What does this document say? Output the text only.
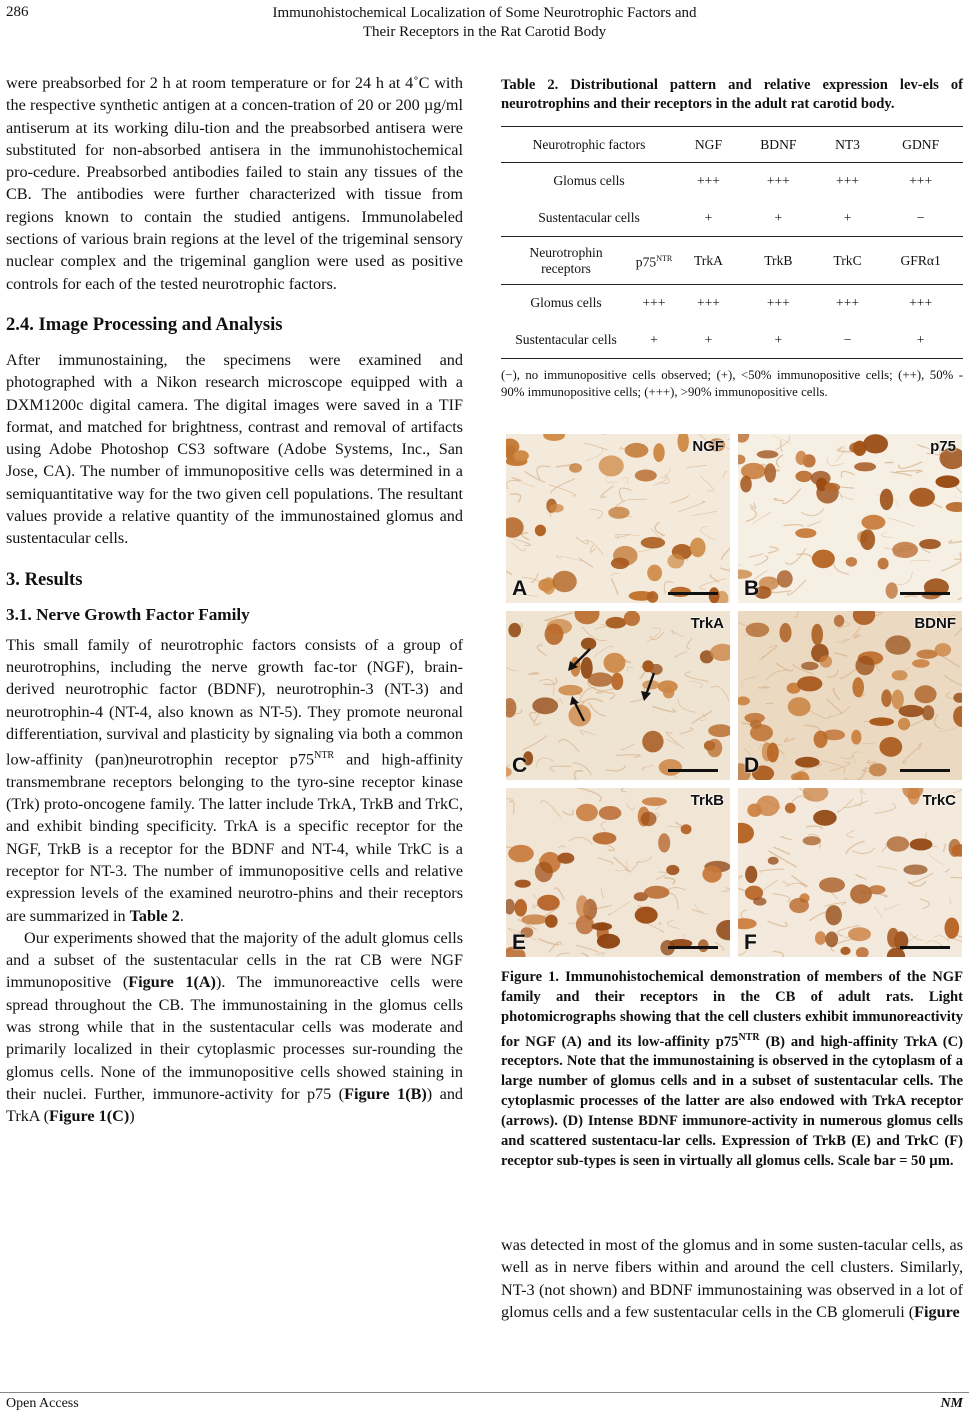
286	Immunohistochemical Localization of Some Neurotrophic Factors and
Their Receptors in the Rat Carotid Body

were preabsorbed for 2 h at room temperature or for 24 h at 4˚C with the respective synthetic antigen at a concen-tration of 20 or 200 µg/ml antiserum at its working dilu-tion and the preabsorbed antisera were substituted for non-absorbed antisera in the immunohistochemical pro-cedure. Preabsorbed antibodies failed to stain any tissues of the CB. The antibodies were further characterized with tissue from regions known to contain the studied antigens. Immunolabeled sections of various brain regions at the level of the trigeminal sensory nuclear complex and the trigeminal ganglion were used as positive controls for each of the tested neurotrophic factors.

2.4. Image Processing and Analysis

After immunostaining, the specimens were examined and photographed with a Nikon research microscope equipped with a DXM1200c digital camera. The digital images were saved in a TIF format, and matched for brightness, contrast and removal of artifacts using Adobe Photoshop CS3 software (Adobe Systems, Inc., San Jose, CA). The number of immunopositive cells was determined in a semiquantitative way for the two given cell populations. The resultant values provide a relative quantity of the immunostained glomus and sustentacular cells.

3. Results
3.1. Nerve Growth Factor Family

This small family of neurotrophic factors consists of a group of neurotrophins, including the nerve growth fac-tor (NGF), brain-derived neurotrophic factor (BDNF), neurotrophin-3 (NT-3) and neurotrophin-4 (NT-4, also known as NT-5). They promote neuronal differentiation, survival and plasticity by signaling via both a common low-affinity (pan)neurotrophin receptor $p75^{NTR}$ and high-affinity transmembrane receptors belonging to the tyro-sine receptor kinase (Trk) proto-oncogene family. The latter include TrkA, TrkB and TrkC, and exhibit binding specificity. TrkA is a specific receptor for the NGF, TrkB is a receptor for the BDNF and NT-4, while TrkC is a receptor for NT-3. The number of immunopositive cells and relative expression levels of the examined neurotro-phins and their receptors are summarized in Table 2.

Our experiments showed that the majority of the adult glomus cells and a subset of the sustentacular cells in the rat CB were NGF immunopositive (Figure 1(A)). The immunoreactive cells were spread throughout the CB. The immunostaining in the glomus cells was strong while that in the sustentacular cells was moderate and primarily localized in their cytoplasmic processes sur-rounding the glomus cells. None of the immunopositive cells showed staining in their nuclei. Further, immunore-activity for p75 (Figure 1(B)) and TrkA (Figure 1(C))

Table 2. Distributional pattern and relative expression lev-els of neurotrophins and their receptors in the adult rat carotid body.
Neurotrophic factors		NGF	BDNF	NT3	GDNF
Glomus cells		+++	+++	+++	+++
Sustentacular cells		+	+	+	−
Neurotrophin receptors	$p75^{NTR}$	TrkA	TrkB	TrkC	GFRα1
Glomus cells	+++	+++	+++	+++	+++
Sustentacular cells	+	+	+	−	+
(−), no immunopositive cells observed; (+), <50% immunopositive cells; (++), 50% - 90% immunopositive cells; (+++), >90% immunopositive cells.
NGF
A
p75
B
TrkA
C
BDNF
D
TrkB
E
TrkC
F
Figure 1. Immunohistochemical demonstration of members of the NGF family and their receptors in the CB of adult rats. Light photomicrographs showing that the cell clusters exhibit immunoreactivity for NGF (A) and its low-affinity $p75^{NTR}$ (B) and high-affinity TrkA (C) receptors. Note that the immunostaining is observed in the cytoplasm of a large number of glomus cells and in a subset of sustentacular cells. The cytoplasmic processes of the latter are also endowed with TrkA receptor (arrows). (D) Intense BDNF immunore-activity in numerous glomus cells and scattered sustentacu-lar cells. Expression of TrkB (E) and TrkC (F) receptor sub-types is seen in virtually all glomus cells. Scale bar = 50 µm.

was detected in most of the glomus and in some susten-tacular cells, as well as in nerve fibers within and around the cell clusters. Similarly, NT-3 (not shown) and BDNF immunostaining was observed in a lot of glomus cells and a few sustentacular cells in the CB glomeruli (Figure

Open Access	NM
